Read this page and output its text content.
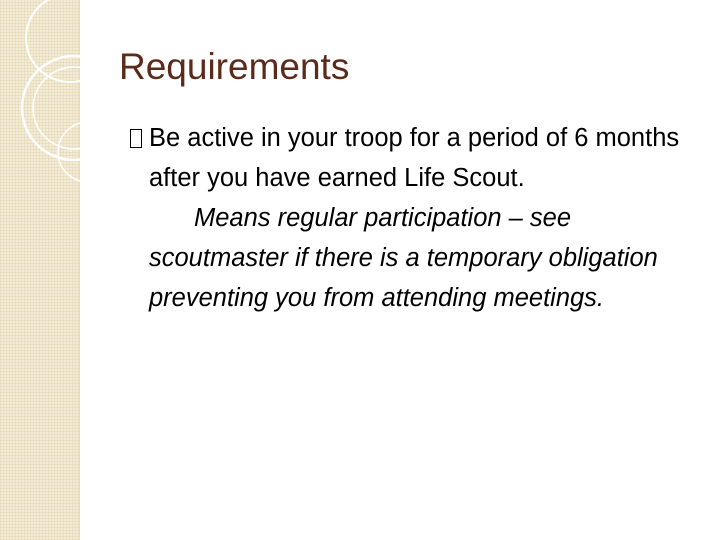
Requirements
Be active in your troop for a period of 6 months after you have earned Life Scout.
Means regular participation – see scoutmaster if there is a temporary obligation preventing you from attending meetings.
